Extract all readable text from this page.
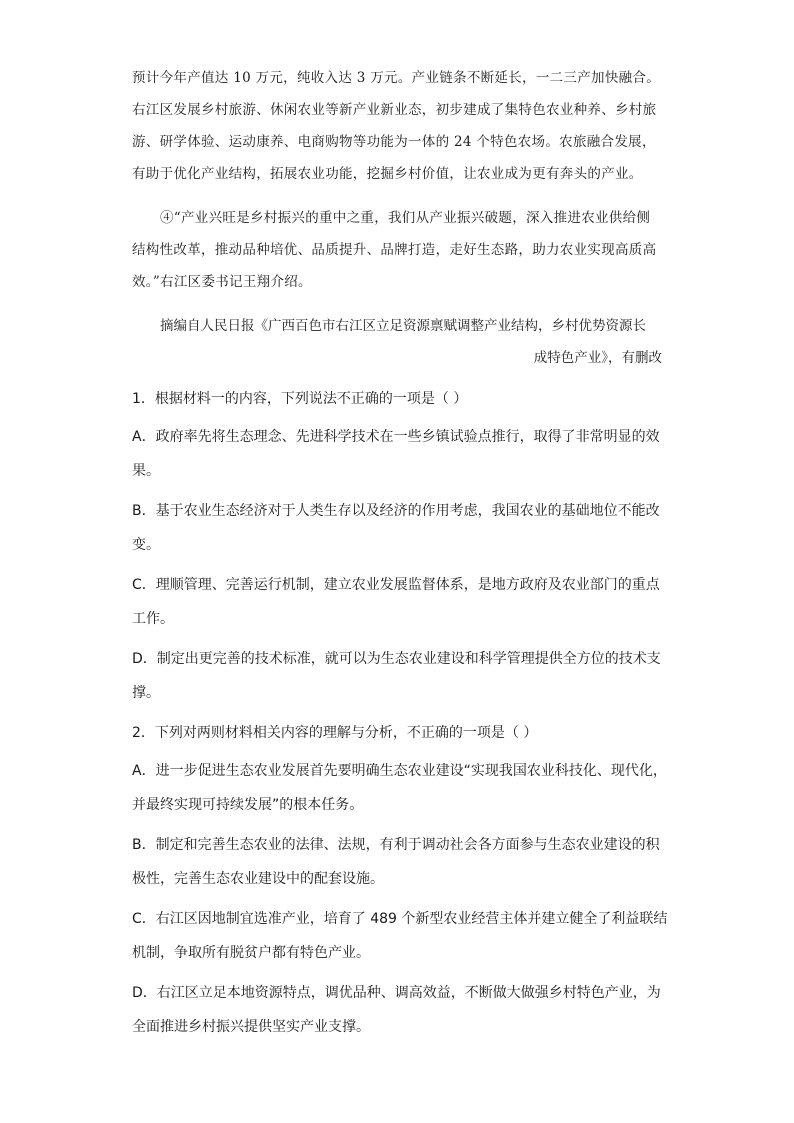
预计今年产值达 10 万元，纯收入达 3 万元。产业链条不断延长，一二三产加快融合。
右江区发展乡村旅游、休闲农业等新产业新业态，初步建成了集特色农业种养、乡村旅
游、研学体验、运动康养、电商购物等功能为一体的 24 个特色农场。农旅融合发展，
有助于优化产业结构，拓展农业功能，挖掘乡村价值，让农业成为更有奔头的产业。
④“产业兴旺是乡村振兴的重中之重，我们从产业振兴破题，深入推进农业供给侧
结构性改革，推动品种培优、品质提升、品牌打造，走好生态路，助力农业实现高质高
效。”右江区委书记王翔介绍。
摘编自人民日报《广西百色市右江区立足资源禀赋调整产业结构，乡村优势资源长
成特色产业》，有删改

1．根据材料一的内容，下列说法不正确的一项是（ ）

A．政府率先将生态理念、先进科学技术在一些乡镇试验点推行，取得了非常明显的效
果。

B．基于农业生态经济对于人类生存以及经济的作用考虑，我国农业的基础地位不能改
变。

C．理顺管理、完善运行机制，建立农业发展监督体系，是地方政府及农业部门的重点
工作。

D．制定出更完善的技术标准，就可以为生态农业建设和科学管理提供全方位的技术支
撑。

2．下列对两则材料相关内容的理解与分析，不正确的一项是（ ）

A．进一步促进生态农业发展首先要明确生态农业建设“实现我国农业科技化、现代化，
并最终实现可持续发展”的根本任务。

B．制定和完善生态农业的法律、法规，有利于调动社会各方面参与生态农业建设的积
极性，完善生态农业建设中的配套设施。

C．右江区因地制宜选准产业，培育了 489 个新型农业经营主体并建立健全了利益联结
机制，争取所有脱贫户都有特色产业。

D．右江区立足本地资源特点，调优品种、调高效益，不断做大做强乡村特色产业，为
全面推进乡村振兴提供坚实产业支撑。
